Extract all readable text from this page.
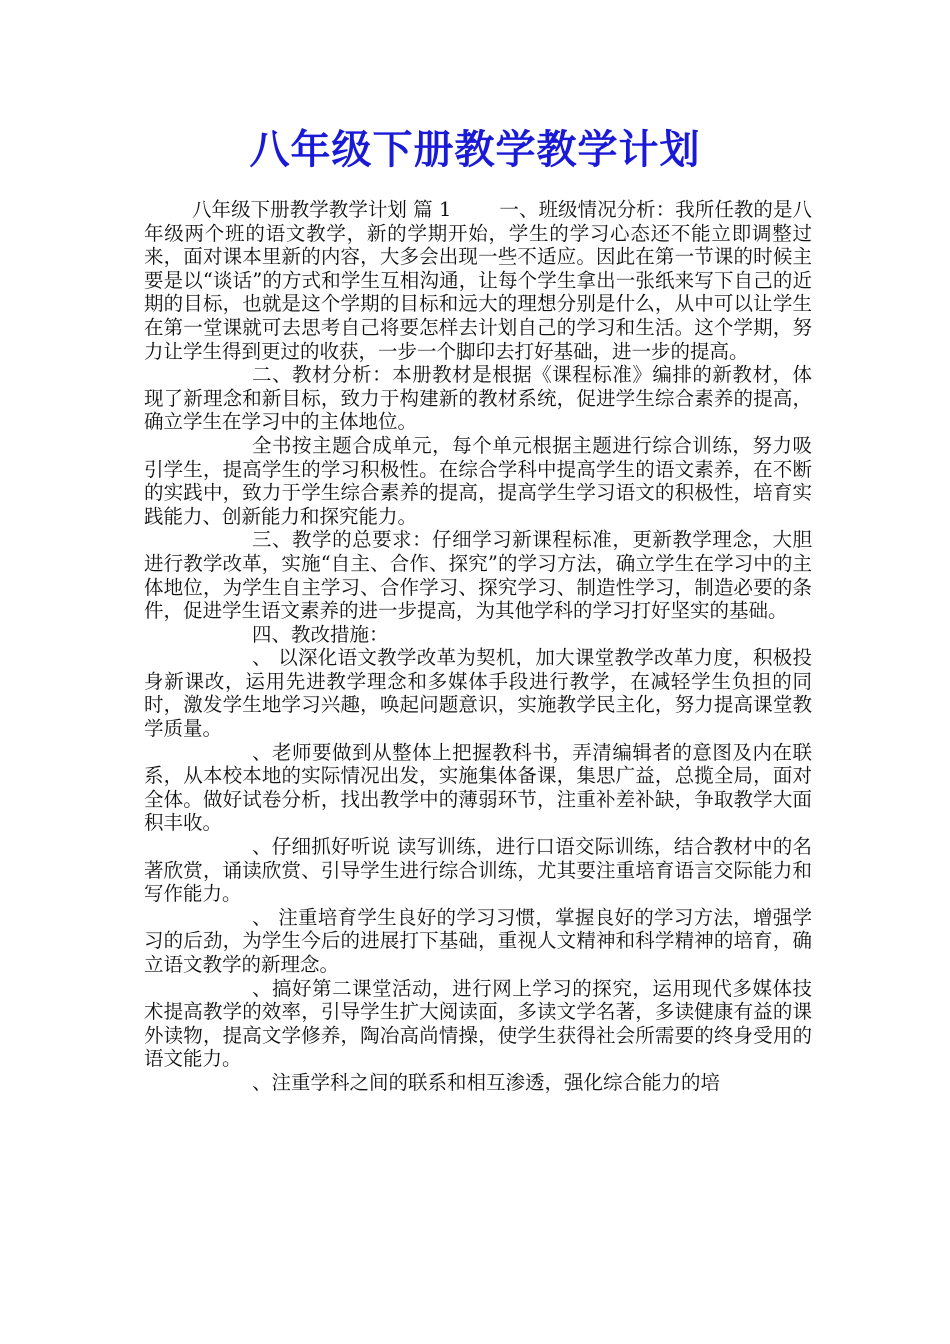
八年级下册教学教学计划

八年级下册教学教学计划 篇 1 一、班级情况分析：我所任教的是八年级两个班的语文教学，新的学期开始，学生的学习心态还不能立即调整过来，面对课本里新的内容，大多会出现一些不适应。因此在第一节课的时候主要是以“谈话”的方式和学生互相沟通，让每个学生拿出一张纸来写下自己的近期的目标，也就是这个学期的目标和远大的理想分别是什么，从中可以让学生在第一堂课就可去思考自己将要怎样去计划自己的学习和生活。这个学期，努力让学生得到更过的收获，一步一个脚印去打好基础，进一步的提高。

二、教材分析：本册教材是根据《课程标准》编排的新教材，体现了新理念和新目标，致力于构建新的教材系统，促进学生综合素养的提高，确立学生在学习中的主体地位。

全书按主题合成单元，每个单元根据主题进行综合训练，努力吸引学生，提高学生的学习积极性。在综合学科中提高学生的语文素养，在不断的实践中，致力于学生综合素养的提高，提高学生学习语文的积极性，培育实践能力、创新能力和探究能力。

三、教学的总要求：仔细学习新课程标准，更新教学理念，大胆进行教学改革，实施“自主、合作、探究”的学习方法，确立学生在学习中的主体地位，为学生自主学习、合作学习、探究学习、制造性学习，制造必要的条件，促进学生语文素养的进一步提高，为其他学科的学习打好坚实的基础。

四、教改措施：

、 以深化语文教学改革为契机，加大课堂教学改革力度，积极投身新课改，运用先进教学理念和多媒体手段进行教学，在减轻学生负担的同时，激发学生地学习兴趣，唤起问题意识，实施教学民主化，努力提高课堂教学质量。

、老师要做到从整体上把握教科书，弄清编辑者的意图及内在联系，从本校本地的实际情况出发，实施集体备课，集思广益，总揽全局，面对全体。做好试卷分析，找出教学中的薄弱环节，注重补差补缺，争取教学大面积丰收。

、仔细抓好听说 读写训练，进行口语交际训练，结合教材中的名著欣赏，诵读欣赏、引导学生进行综合训练，尤其要注重培育语言交际能力和写作能力。

、 注重培育学生良好的学习习惯，掌握良好的学习方法，增强学习的后劲，为学生今后的进展打下基础，重视人文精神和科学精神的培育，确立语文教学的新理念。

、搞好第二课堂活动，进行网上学习的探究，运用现代多媒体技术提高教学的效率，引导学生扩大阅读面，多读文学名著，多读健康有益的课外读物，提高文学修养，陶冶高尚情操，使学生获得社会所需要的终身受用的语文能力。

、注重学科之间的联系和相互渗透，强化综合能力的培
